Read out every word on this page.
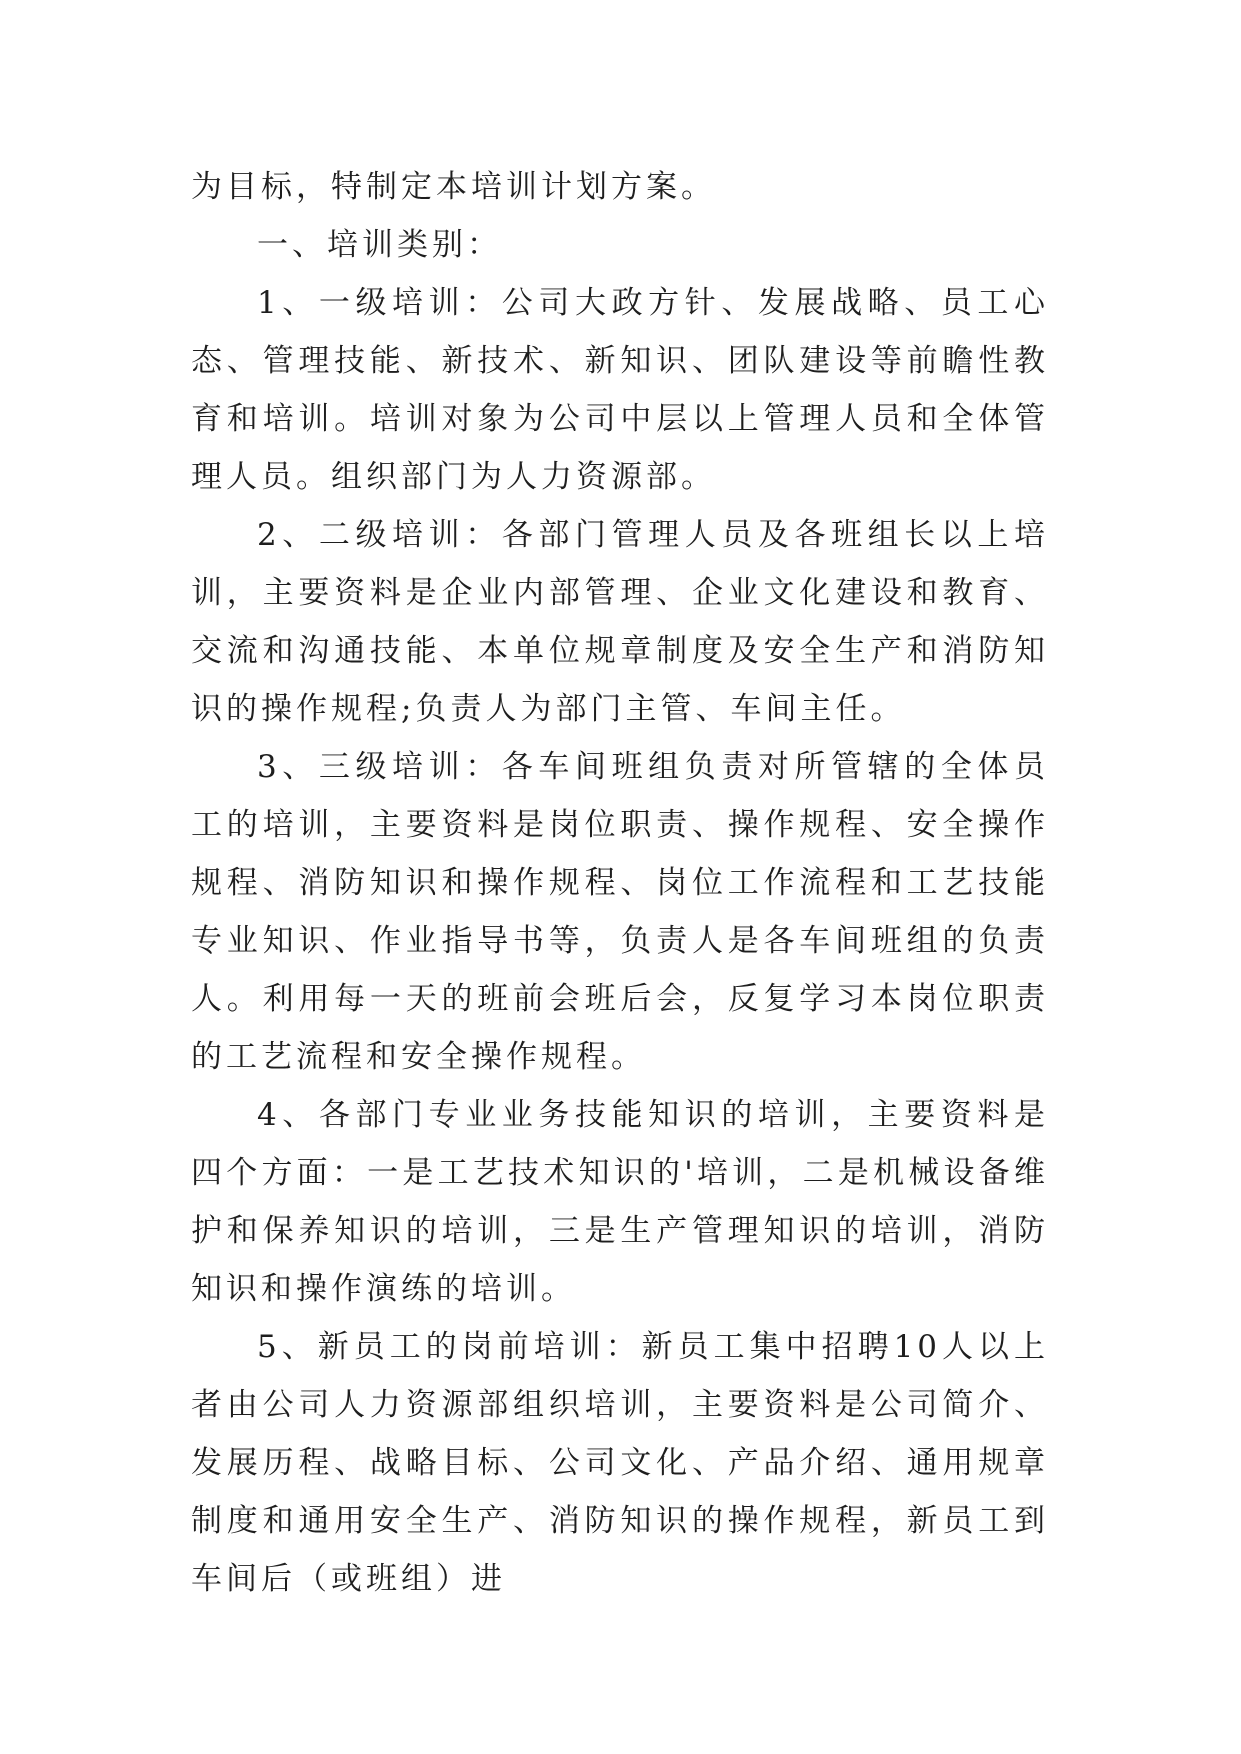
为目标，特制定本培训计划方案。

一、培训类别：

1、一级培训：公司大政方针、发展战略、员工心态、管理技能、新技术、新知识、团队建设等前瞻性教育和培训。培训对象为公司中层以上管理人员和全体管理人员。组织部门为人力资源部。

2、二级培训：各部门管理人员及各班组长以上培训，主要资料是企业内部管理、企业文化建设和教育、交流和沟通技能、本单位规章制度及安全生产和消防知识的操作规程;负责人为部门主管、车间主任。

3、三级培训：各车间班组负责对所管辖的全体员工的培训，主要资料是岗位职责、操作规程、安全操作规程、消防知识和操作规程、岗位工作流程和工艺技能专业知识、作业指导书等，负责人是各车间班组的负责人。利用每一天的班前会班后会，反复学习本岗位职责的工艺流程和安全操作规程。

4、各部门专业业务技能知识的培训，主要资料是四个方面：一是工艺技术知识的'培训，二是机械设备维护和保养知识的培训，三是生产管理知识的培训，消防知识和操作演练的培训。

5、新员工的岗前培训：新员工集中招聘10人以上者由公司人力资源部组织培训，主要资料是公司简介、发展历程、战略目标、公司文化、产品介绍、通用规章制度和通用安全生产、消防知识的操作规程，新员工到车间后（或班组）进
